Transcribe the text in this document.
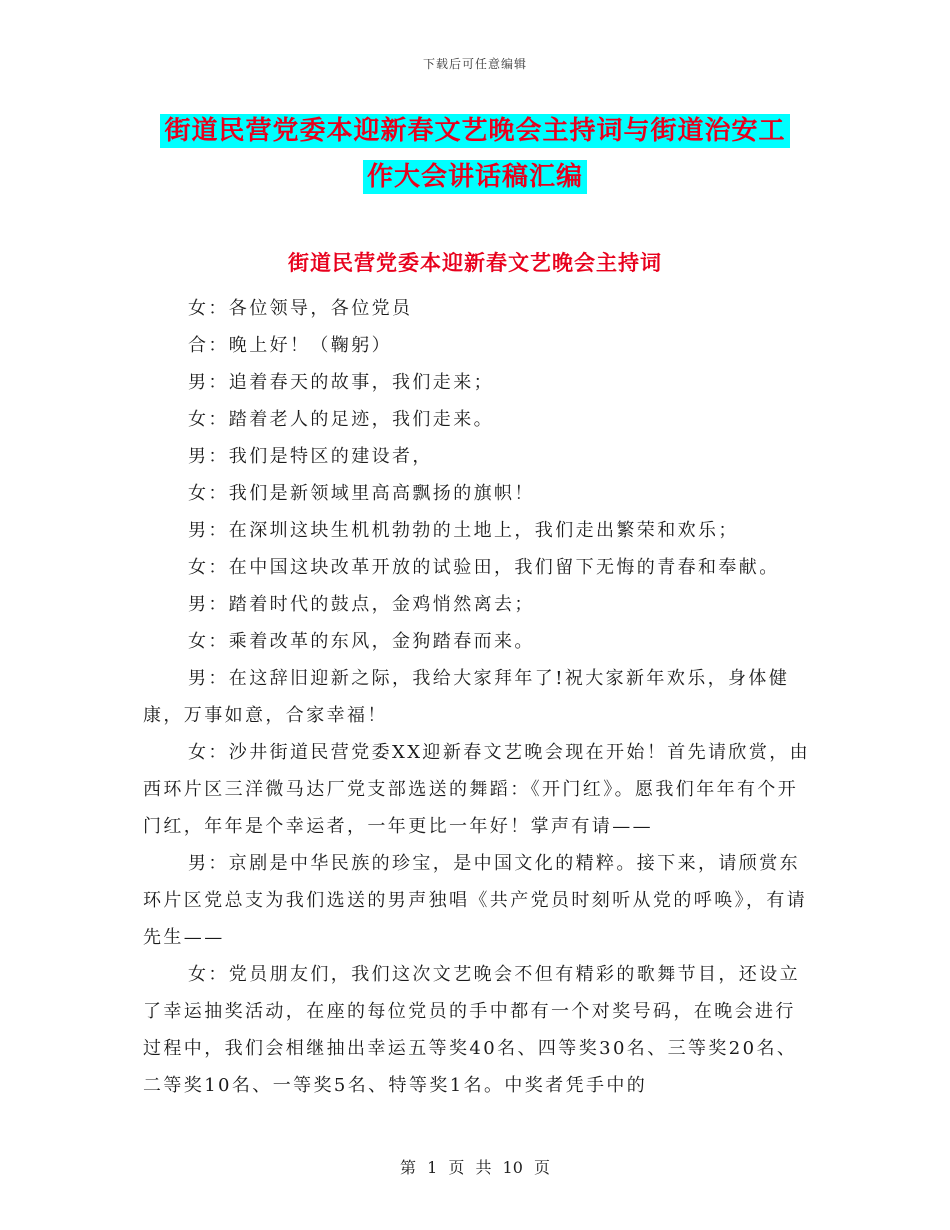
下载后可任意编辑
街道民营党委本迎新春文艺晚会主持词与街道治安工
作大会讲话稿汇编
街道民营党委本迎新春文艺晚会主持词

女：各位领导，各位党员

合：晚上好！（鞠躬）

男：追着春天的故事，我们走来；

女：踏着老人的足迹，我们走来。

男：我们是特区的建设者，

女：我们是新领域里高高飘扬的旗帜！

男：在深圳这块生机机勃勃的土地上，我们走出繁荣和欢乐；

女：在中国这块改革开放的试验田，我们留下无悔的青春和奉献。

男：踏着时代的鼓点，金鸡悄然离去；

女：乘着改革的东风，金狗踏春而来。

男：在这辞旧迎新之际，我给大家拜年了!祝大家新年欢乐，身体健康，万事如意，合家幸福！

女：沙井街道民营党委XX迎新春文艺晚会现在开始！首先请欣赏，由西环片区三洋微马达厂党支部选送的舞蹈：《开门红》。愿我们年年有个开门红，年年是个幸运者，一年更比一年好！掌声有请——

男：京剧是中华民族的珍宝，是中国文化的精粹。接下来，请颀赏东环片区党总支为我们选送的男声独唱《共产党员时刻听从党的呼唤》，有请先生——

女：党员朋友们，我们这次文艺晚会不但有精彩的歌舞节目，还设立了幸运抽奖活动，在座的每位党员的手中都有一个对奖号码，在晚会进行过程中，我们会相继抽出幸运五等奖40名、四等奖30名、三等奖20名、二等奖10名、一等奖5名、特等奖1名。中奖者凭手中的

第 1 页 共 10 页
